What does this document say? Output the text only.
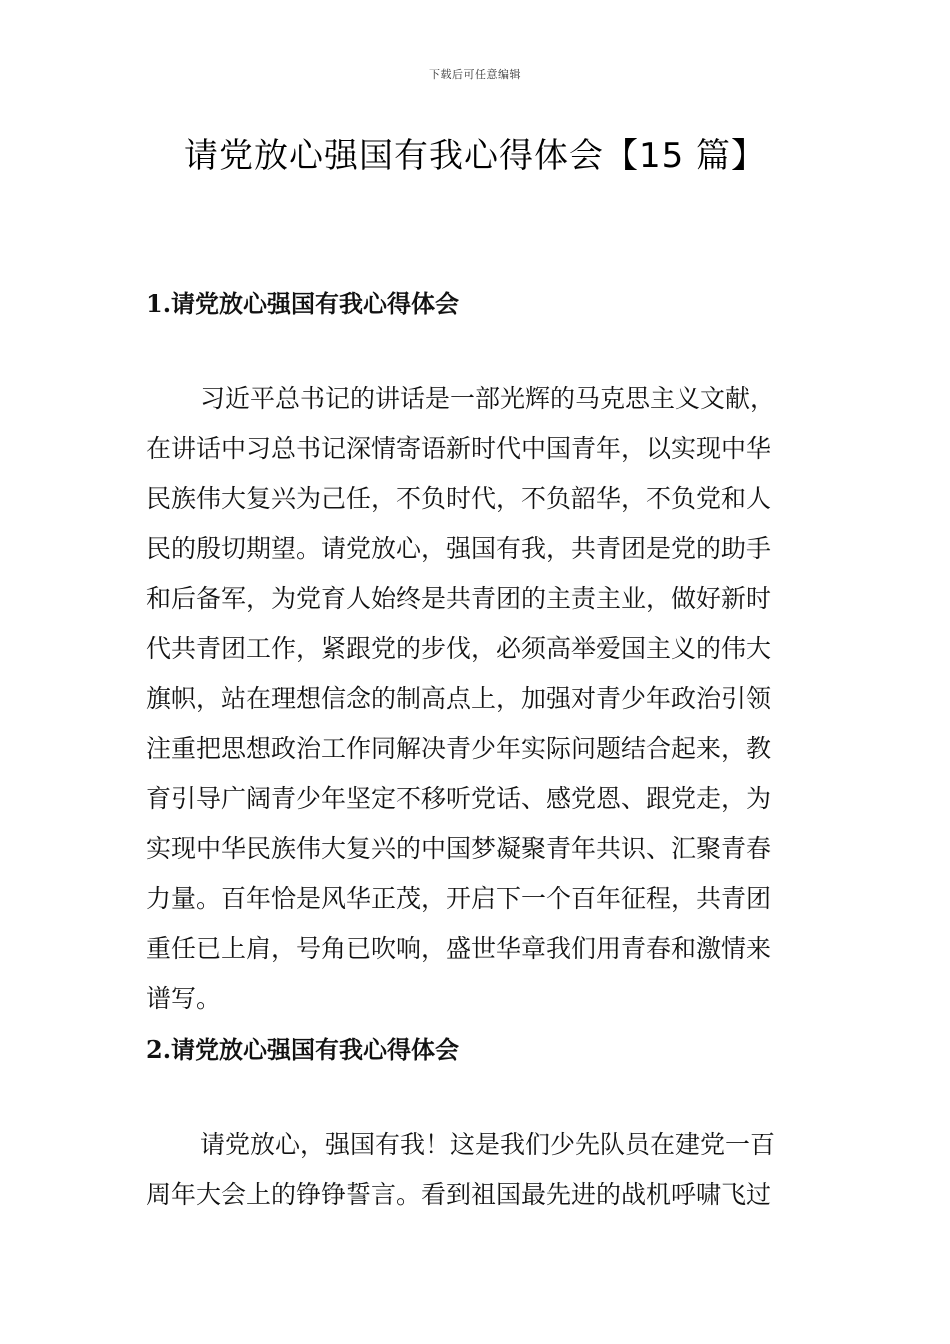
下载后可任意编辑
请党放心强国有我心得体会【15 篇】
1.请党放心强国有我心得体会
习近平总书记的讲话是一部光辉的马克思主义文献，
在讲话中习总书记深情寄语新时代中国青年，以实现中华
民族伟大复兴为己任，不负时代，不负韶华，不负党和人
民的殷切期望。请党放心，强国有我，共青团是党的助手
和后备军，为党育人始终是共青团的主责主业，做好新时
代共青团工作，紧跟党的步伐，必须高举爱国主义的伟大
旗帜，站在理想信念的制高点上，加强对青少年政治引领
注重把思想政治工作同解决青少年实际问题结合起来，教
育引导广阔青少年坚定不移听党话、感党恩、跟党走，为
实现中华民族伟大复兴的中国梦凝聚青年共识、汇聚青春
力量。百年恰是风华正茂，开启下一个百年征程，共青团
重任已上肩，号角已吹响，盛世华章我们用青春和激情来
谱写。
2.请党放心强国有我心得体会
请党放心，强国有我！这是我们少先队员在建党一百
周年大会上的铮铮誓言。看到祖国最先进的战机呼啸飞过
